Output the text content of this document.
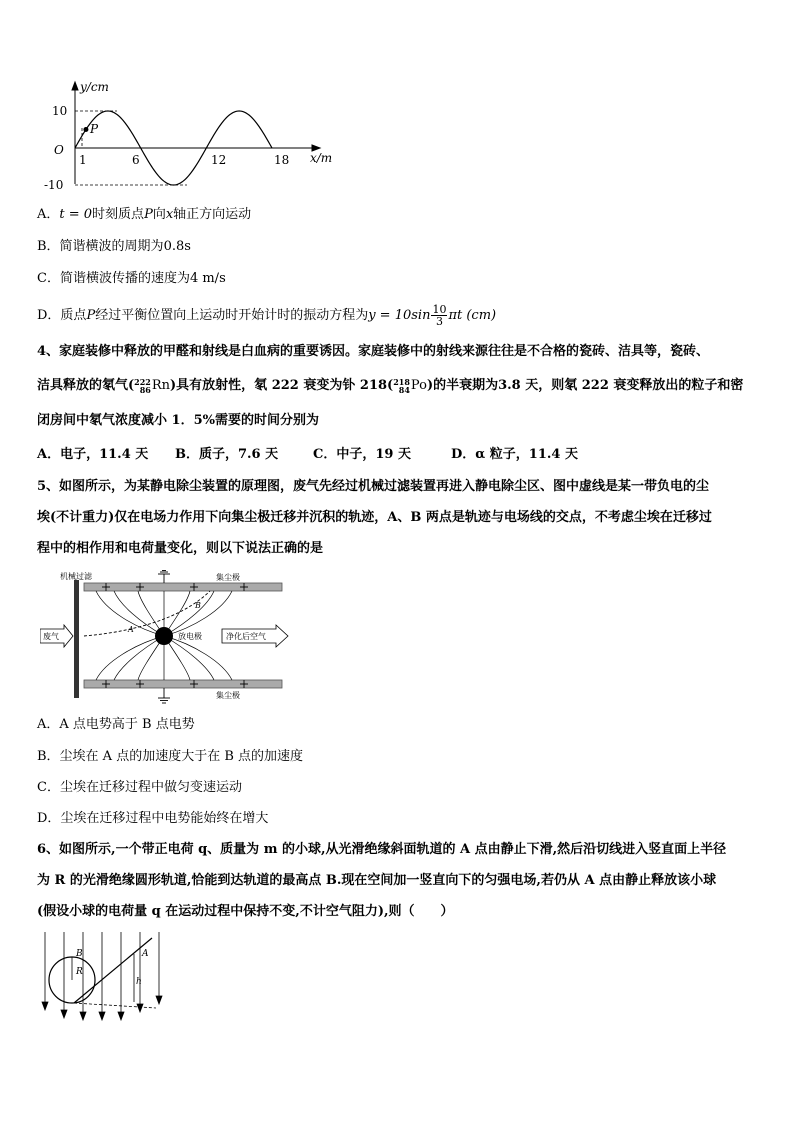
y/cm
10
-10
O
P
1	6	12	18 x/m
A．t = 0时刻质点P向x轴正方向运动
B．简谐横波的周期为0.8s
C．简谐横波传播的速度为4 m/s
D．质点P经过平衡位置向上运动时开始计时的振动方程为$y = 10\sin \frac{10}{3}$ πt (cm)
4、家庭装修中释放的甲醛和射线是白血病的重要诱因。家庭装修中的射线来源往往是不合格的瓷砖、洁具等，瓷砖、
洁具释放的氡气( 222
86 Rn)具有放射性，氡 222 衰变为钋 218( 218
84 Po)的半衰期为3.8 天，则氡 222 衰变释放出的粒子和密
闭房间中氡气浓度减小 1．5%需要的时间分别为
A．电子，11.4 天 B．质子，7.6 天	C．中子，19 天	D．α 粒子，11.4 天
5、如图所示，为某静电除尘装置的原理图，废气先经过机械过滤装置再进入静电除尘区、图中虚线是某一带负电的尘
埃(不计重力)仅在电场力作用下向集尘极迁移并沉积的轨迹，A、B 两点是轨迹与电场线的交点，不考虑尘埃在迁移过
程中的相作用和电荷量变化，则以下说法正确的是
机械过滤	集尘极
集尘极
放电极
A
B
废气	净化后空气
A．A 点电势高于 B 点电势
B．尘埃在 A 点的加速度大于在 B 点的加速度
C．尘埃在迁移过程中做匀变速运动
D．尘埃在迁移过程中电势能始终在增大
6、如图所示,一个带正电荷 q、质量为 m 的小球,从光滑绝缘斜面轨道的 A 点由静止下滑,然后沿切线进入竖直面上半径
为 R 的光滑绝缘圆形轨道,恰能到达轨道的最高点 B.现在空间加一竖直向下的匀强电场,若仍从 A 点由静止释放该小球
(假设小球的电荷量 q 在运动过程中保持不变,不计空气阻力),则（　　）
B
R
A
h
